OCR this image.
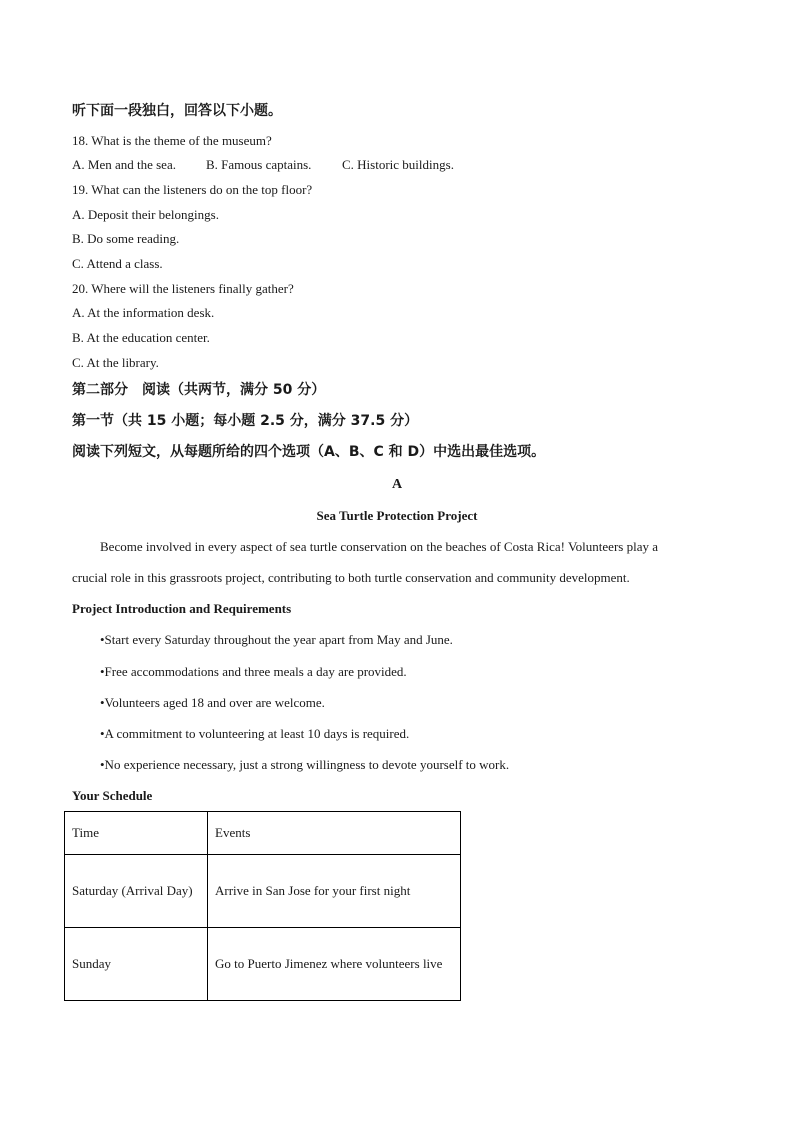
听下面一段独白，回答以下小题。
18. What is the theme of the museum?
A. Men and the sea. B. Famous captains. C. Historic buildings.
19. What can the listeners do on the top floor?
A. Deposit their belongings.
B. Do some reading.
C. Attend a class.
20. Where will the listeners finally gather?
A. At the information desk.
B. At the education center.
C. At the library.
第二部分　阅读（共两节，满分 50 分）
第一节（共 15 小题；每小题 2.5 分，满分 37.5 分）
阅读下列短文，从每题所给的四个选项（A、B、C 和 D）中选出最佳选项。
A
Sea Turtle Protection Project
Become involved in every aspect of sea turtle conservation on the beaches of Costa Rica! Volunteers play a
crucial role in this grassroots project, contributing to both turtle conservation and community development.
Project Introduction and Requirements
•Start every Saturday throughout the year apart from May and June.
•Free accommodations and three meals a day are provided.
•Volunteers aged 18 and over are welcome.
•A commitment to volunteering at least 10 days is required.
•No experience necessary, just a strong willingness to devote yourself to work.
Your Schedule
Time	Events
Saturday (Arrival Day)	Arrive in San Jose for your first night
Sunday	Go to Puerto Jimenez where volunteers live
